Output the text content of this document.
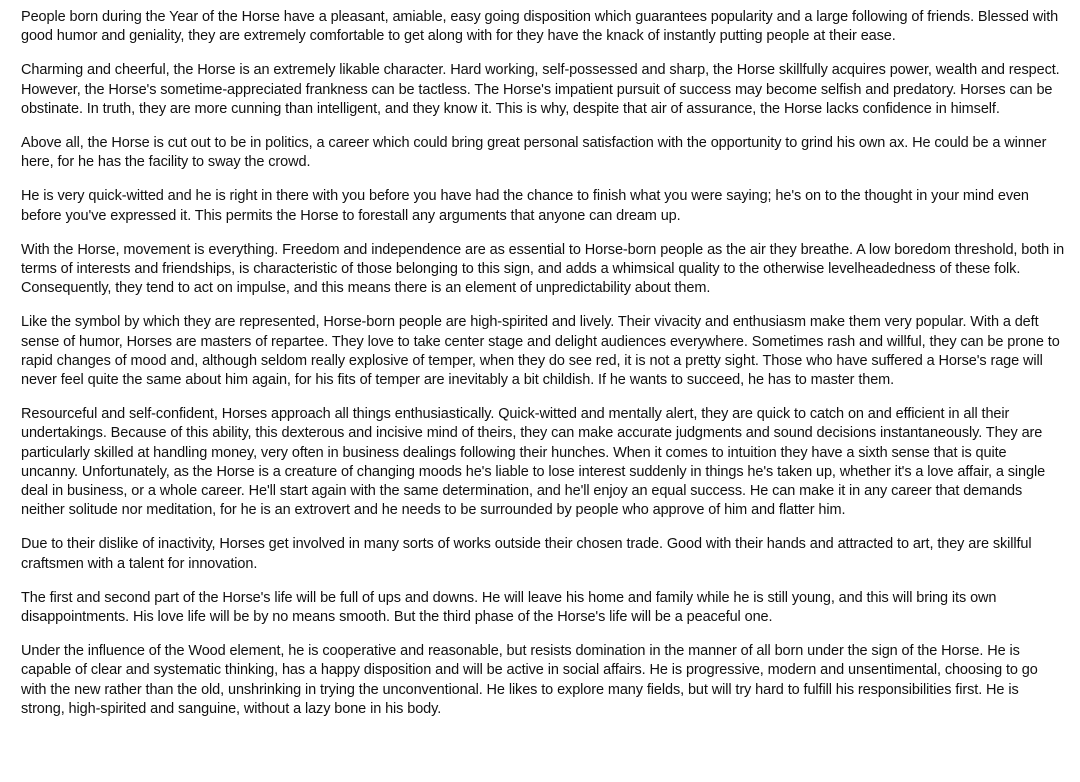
People born during the Year of the Horse have a pleasant, amiable, easy going disposition which guarantees popularity and a large following of friends. Blessed with good humor and geniality, they are extremely comfortable to get along with for they have the knack of instantly putting people at their ease.

Charming and cheerful, the Horse is an extremely likable character. Hard working, self-possessed and sharp, the Horse skillfully acquires power, wealth and respect. However, the Horse's sometime-appreciated frankness can be tactless. The Horse's impatient pursuit of success may become selfish and predatory. Horses can be obstinate. In truth, they are more cunning than intelligent, and they know it. This is why, despite that air of assurance, the Horse lacks confidence in himself.

Above all, the Horse is cut out to be in politics, a career which could bring great personal satisfaction with the opportunity to grind his own ax. He could be a winner here, for he has the facility to sway the crowd.

He is very quick-witted and he is right in there with you before you have had the chance to finish what you were saying; he's on to the thought in your mind even before you've expressed it. This permits the Horse to forestall any arguments that anyone can dream up.

With the Horse, movement is everything. Freedom and independence are as essential to Horse-born people as the air they breathe. A low boredom threshold, both in terms of interests and friendships, is characteristic of those belonging to this sign, and adds a whimsical quality to the otherwise levelheadedness of these folk. Consequently, they tend to act on impulse, and this means there is an element of unpredictability about them.

Like the symbol by which they are represented, Horse-born people are high-spirited and lively. Their vivacity and enthusiasm make them very popular. With a deft sense of humor, Horses are masters of repartee. They love to take center stage and delight audiences everywhere. Sometimes rash and willful, they can be prone to rapid changes of mood and, although seldom really explosive of temper, when they do see red, it is not a pretty sight. Those who have suffered a Horse's rage will never feel quite the same about him again, for his fits of temper are inevitably a bit childish. If he wants to succeed, he has to master them.

Resourceful and self-confident, Horses approach all things enthusiastically. Quick-witted and mentally alert, they are quick to catch on and efficient in all their undertakings. Because of this ability, this dexterous and incisive mind of theirs, they can make accurate judgments and sound decisions instantaneously. They are particularly skilled at handling money, very often in business dealings following their hunches. When it comes to intuition they have a sixth sense that is quite uncanny. Unfortunately, as the Horse is a creature of changing moods he's liable to lose interest suddenly in things he's taken up, whether it's a love affair, a single deal in business, or a whole career. He'll start again with the same determination, and he'll enjoy an equal success. He can make it in any career that demands neither solitude nor meditation, for he is an extrovert and he needs to be surrounded by people who approve of him and flatter him.

Due to their dislike of inactivity, Horses get involved in many sorts of works outside their chosen trade. Good with their hands and attracted to art, they are skillful craftsmen with a talent for innovation.

The first and second part of the Horse's life will be full of ups and downs. He will leave his home and family while he is still young, and this will bring its own disappointments. His love life will be by no means smooth. But the third phase of the Horse's life will be a peaceful one.

Under the influence of the Wood element, he is cooperative and reasonable, but resists domination in the manner of all born under the sign of the Horse. He is capable of clear and systematic thinking, has a happy disposition and will be active in social affairs. He is progressive, modern and unsentimental, choosing to go with the new rather than the old, unshrinking in trying the unconventional. He likes to explore many fields, but will try hard to fulfill his responsibilities first. He is strong, high-spirited and sanguine, without a lazy bone in his body.
